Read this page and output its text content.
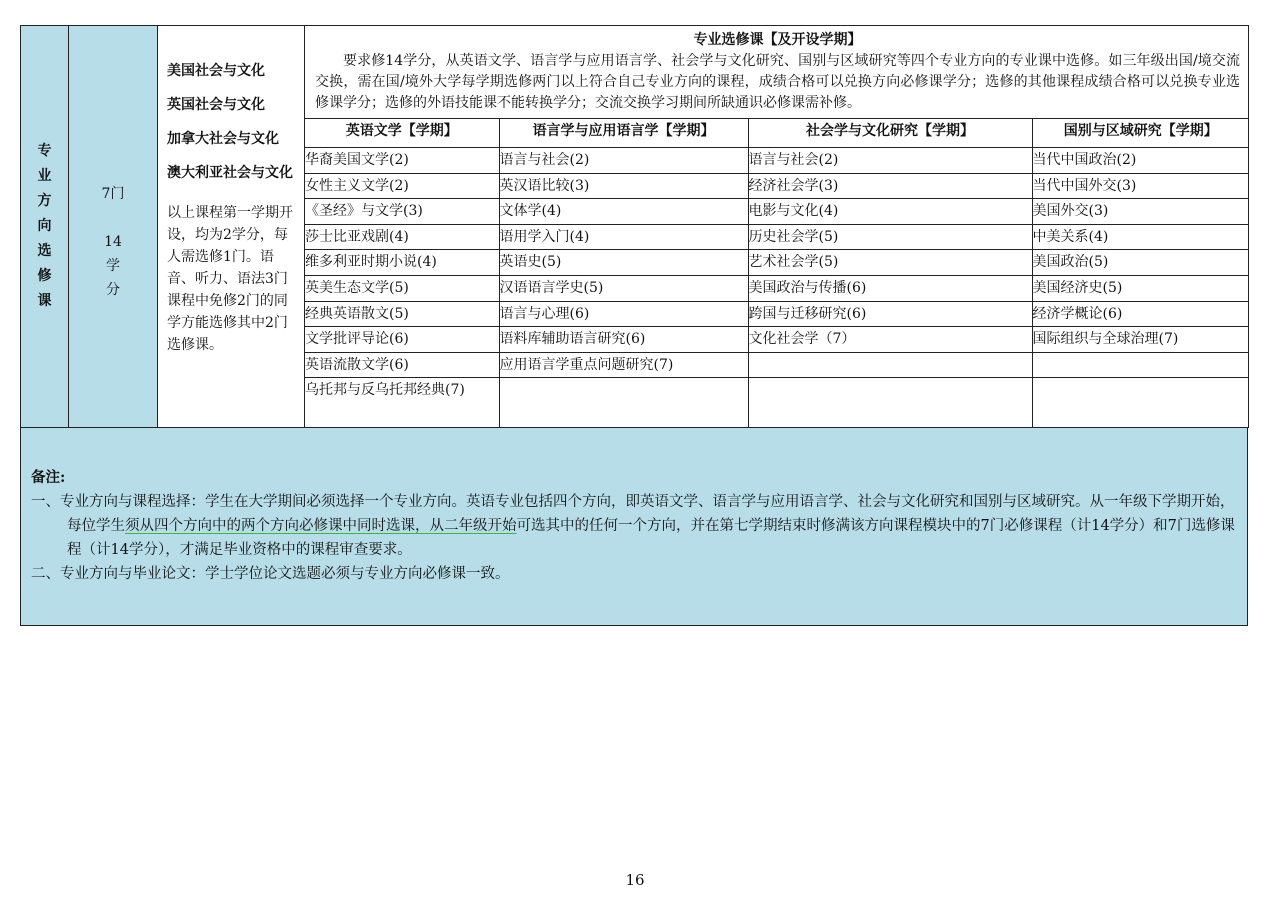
专
业
方
向
选
修
课

7门
14
学
分

美国社会与文化
英国社会与文化
加拿大社会与文化
澳大利亚社会与文化
以上课程第一学期开设，均为2学分，每人需选修1门。语音、听力、语法3门课程中免修2门的同学方能选修其中2门选修课。

专业选修课【及开设学期】
要求修14学分，从英语文学、语言学与应用语言学、社会学与文化研究、国别与区域研究等四个专业方向的专业课中选修。如三年级出国/境交流交换，需在国/境外大学每学期选修两门以上符合自己专业方向的课程，成绩合格可以兑换方向必修课学分；选修的其他课程成绩合格可以兑换专业选修课学分；选修的外语技能课不能转换学分；交流交换学习期间所缺通识必修课需补修。
英语文学【学期】	语言学与应用语言学【学期】	社会学与文化研究【学期】	国别与区域研究【学期】
华裔美国文学(2)	语言与社会(2)	语言与社会(2)	当代中国政治(2)
女性主义文学(2)	英汉语比较(3)	经济社会学(3)	当代中国外交(3)
《圣经》与文学(3)	文体学(4)	电影与文化(4)	美国外交(3)
莎士比亚戏剧(4)	语用学入门(4)	历史社会学(5)	中美关系(4)
维多利亚时期小说(4)	英语史(5)	艺术社会学(5)	美国政治(5)
英美生态文学(5)	汉语语言学史(5)	美国政治与传播(6)	美国经济史(5)
经典英语散文(5)	语言与心理(6)	跨国与迁移研究(6)	经济学概论(6)
文学批评导论(6)	语料库辅助语言研究(6)	文化社会学（7）	国际组织与全球治理(7)
英语流散文学(6)	应用语言学重点问题研究(7)		
乌托邦与反乌托邦经典(7)			
备注:
一、专业方向与课程选择：学生在大学期间必须选择一个专业方向。英语专业包括四个方向，即英语文学、语言学与应用语言学、社会与文化研究和国别与区域研究。从一年级下学期开始，每位学生须从四个方向中的两个方向必修课中同时选课，从二年级开始可选其中的任何一个方向，并在第七学期结束时修满该方向课程模块中的7门必修课程（计14学分）和7门选修课程（计14学分），才满足毕业资格中的课程审查要求。
二、专业方向与毕业论文：学士学位论文选题必须与专业方向必修课一致。
16
